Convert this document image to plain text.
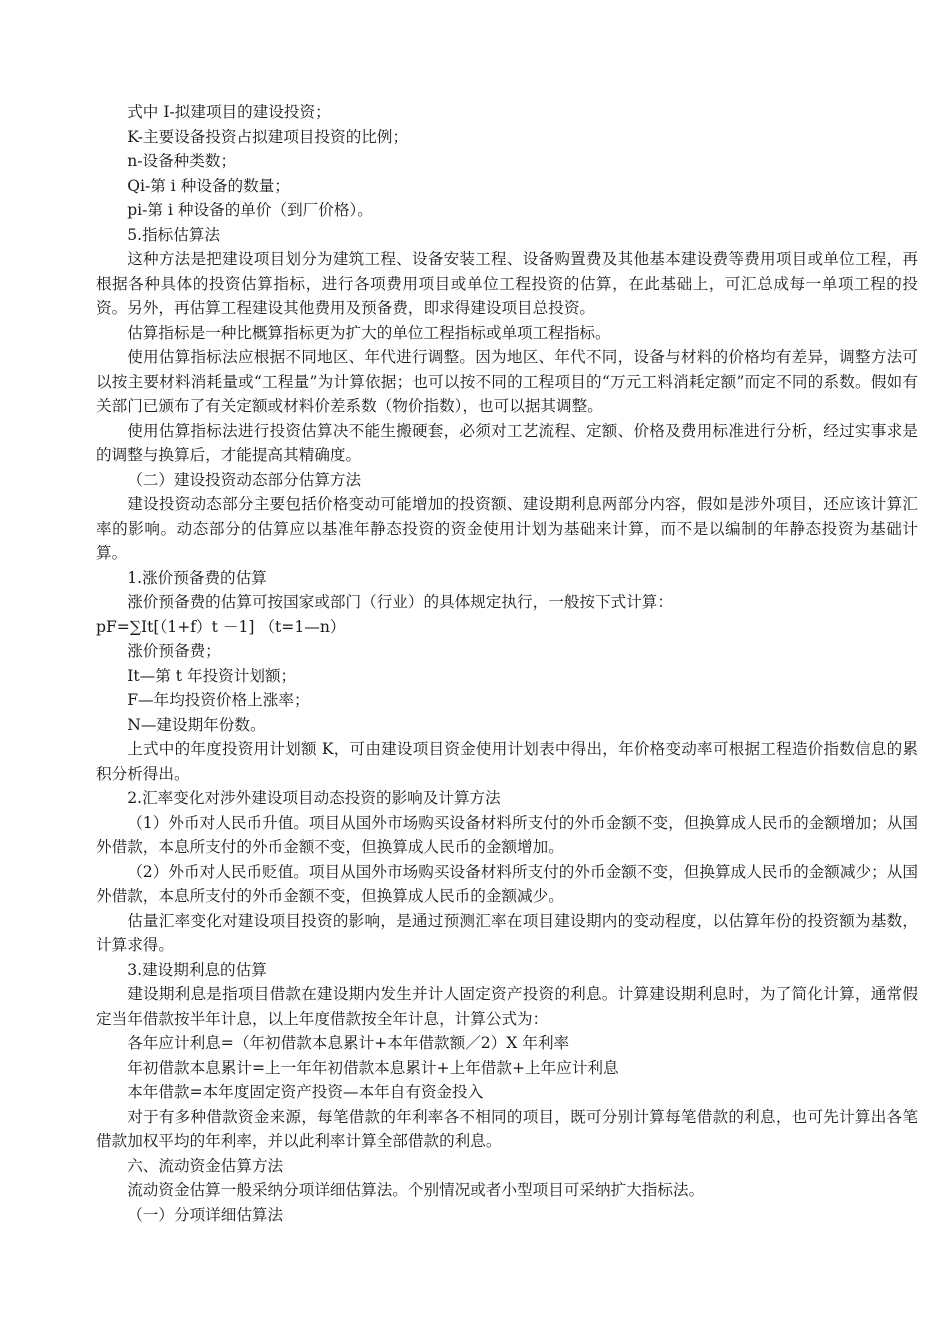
式中 I-拟建项目的建设投资；

K-主要设备投资占拟建项目投资的比例；

n-设备种类数；

Qi-第 i 种设备的数量；

pi-第 i 种设备的单价（到厂价格）。

5.指标估算法

这种方法是把建设项目划分为建筑工程、设备安装工程、设备购置费及其他基本建设费等费用项目或单位工程，再根据各种具体的投资估算指标，进行各项费用项目或单位工程投资的估算，在此基础上，可汇总成每一单项工程的投资。另外，再估算工程建设其他费用及预备费，即求得建设项目总投资。

估算指标是一种比概算指标更为扩大的单位工程指标或单项工程指标。

使用估算指标法应根据不同地区、年代进行调整。因为地区、年代不同，设备与材料的价格均有差异，调整方法可以按主要材料消耗量或“工程量”为计算依据；也可以按不同的工程项目的“万元工料消耗定额”而定不同的系数。假如有关部门已颁布了有关定额或材料价差系数（物价指数），也可以据其调整。

使用估算指标法进行投资估算决不能生搬硬套，必须对工艺流程、定额、价格及费用标准进行分析，经过实事求是的调整与换算后，才能提高其精确度。

（二）建设投资动态部分估算方法

建设投资动态部分主要包括价格变动可能增加的投资额、建设期利息两部分内容，假如是涉外项目，还应该计算汇率的影响。动态部分的估算应以基准年静态投资的资金使用计划为基础来计算，而不是以编制的年静态投资为基础计算。

1.涨价预备费的估算

涨价预备费的估算可按国家或部门（行业）的具体规定执行，一般按下式计算：

pF=∑It[（1+f）t －1] （t=1—n）

涨价预备费；

It—第 t 年投资计划额；

F—年均投资价格上涨率；

N—建设期年份数。

上式中的年度投资用计划额 K，可由建设项目资金使用计划表中得出，年价格变动率可根据工程造价指数信息的累积分析得出。

2.汇率变化对涉外建设项目动态投资的影响及计算方法

（1）外币对人民币升值。项目从国外市场购买设备材料所支付的外币金额不变，但换算成人民币的金额增加；从国外借款，本息所支付的外币金额不变，但换算成人民币的金额增加。

（2）外币对人民币贬值。项目从国外市场购买设备材料所支付的外币金额不变，但换算成人民币的金额减少；从国外借款，本息所支付的外币金额不变，但换算成人民币的金额减少。

估量汇率变化对建设项目投资的影响，是通过预测汇率在项目建设期内的变动程度，以估算年份的投资额为基数，计算求得。

3.建设期利息的估算

建设期利息是指项目借款在建设期内发生并计人固定资产投资的利息。计算建设期利息时，为了简化计算，通常假定当年借款按半年计息，以上年度借款按全年计息，计算公式为：

各年应计利息=（年初借款本息累计+本年借款额／2）X 年利率

年初借款本息累计=上一年年初借款本息累计+上年借款+上年应计利息

本年借款=本年度固定资产投资—本年自有资金投入

对于有多种借款资金来源，每笔借款的年利率各不相同的项目，既可分别计算每笔借款的利息，也可先计算出各笔借款加权平均的年利率，并以此利率计算全部借款的利息。

六、流动资金估算方法

流动资金估算一般采纳分项详细估算法。个别情况或者小型项目可采纳扩大指标法。

（一）分项详细估算法
